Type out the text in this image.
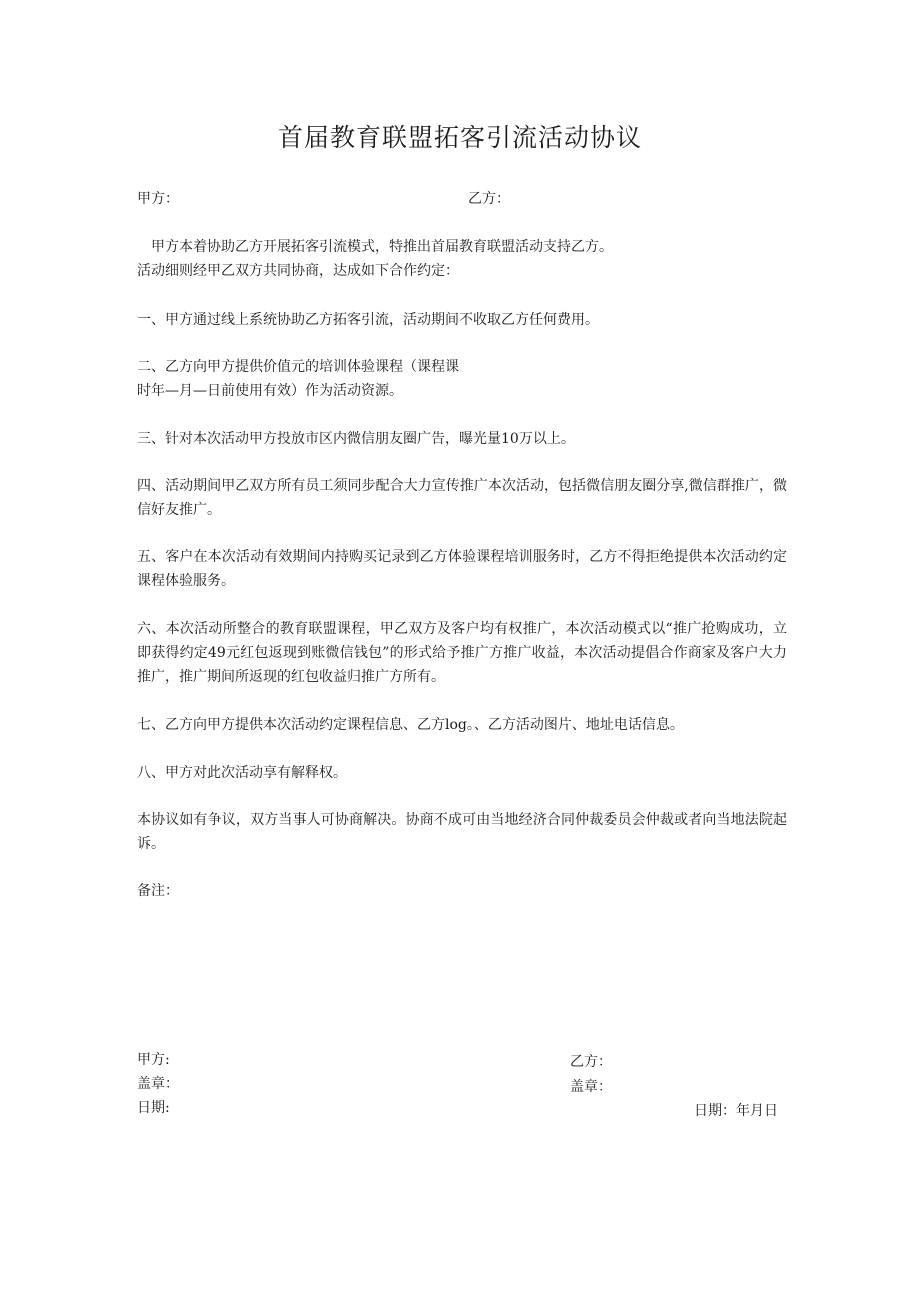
首届教育联盟拓客引流活动协议
甲方：	乙方：
甲方本着协助乙方开展拓客引流模式，特推出首届教育联盟活动支持乙方。
活动细则经甲乙双方共同协商，达成如下合作约定：
一、甲方通过线上系统协助乙方拓客引流，活动期间不收取乙方任何费用。
二、乙方向甲方提供价值元的培训体验课程（课程课
时年—月—日前使用有效）作为活动资源。
三、针对本次活动甲方投放市区内微信朋友圈广告，曝光量10万以上。

四、活动期间甲乙双方所有员工须同步配合大力宣传推广本次活动，包括微信朋友圈分享,微信群推广，微信好友推广。

五、客户在本次活动有效期间内持购买记录到乙方体验课程培训服务时，乙方不得拒绝提供本次活动约定课程体验服务。

六、本次活动所整合的教育联盟课程，甲乙双方及客户均有权推广，本次活动模式以“推广抢购成功，立即获得约定49元红包返现到账微信钱包”的形式给予推广方推广收益，本次活动提倡合作商家及客户大力推广，推广期间所返现的红包收益归推广方所有。

七、乙方向甲方提供本次活动约定课程信息、乙方log。、乙方活动图片、地址电话信息。
八、甲方对此次活动享有解释权。

本协议如有争议，双方当事人可协商解决。协商不成可由当地经济合同仲裁委员会仲裁或者向当地法院起诉。

备注：
甲方:
盖章：
日期:
乙方：
盖章：
日期：年月日
